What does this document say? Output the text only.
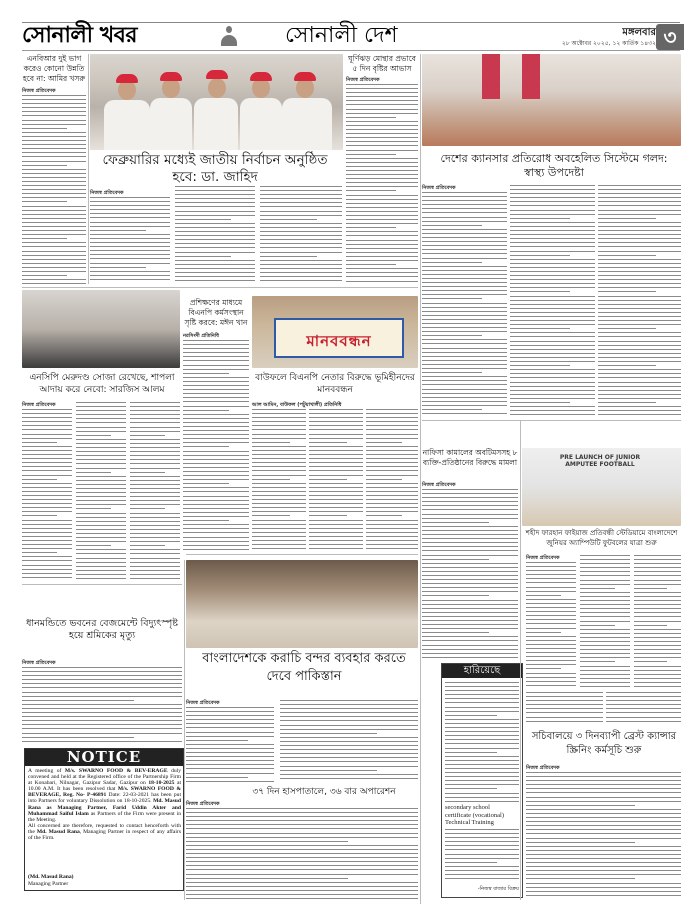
সোনালী খবর	সোনালী দেশ	মঙ্গলবার
২৮ অক্টোবর ২০২৫, ১২ কার্তিক ১৪৩২ ৩
এনবিআর দুই ভাগ করেও কোনো উন্নতি হবে না: আমির খসরু
নিজস্ব প্রতিবেদক
ঘূর্ণিঝড় মোন্থার প্রভাবে ৫ দিন বৃষ্টির আভাস
নিজস্ব প্রতিবেদক
ফেব্রুয়ারির মধ্যেই জাতীয় নির্বাচন অনুষ্ঠিত হবে: ডা. জাহিদ
নিজস্ব প্রতিবেদক
দেশের ক্যানসার প্রতিরোধ অবহেলিত সিস্টেমে গলদ: স্বাস্থ্য উপদেষ্টা
নিজস্ব প্রতিবেদক
প্রশিক্ষণের মাধ্যমে বিএনপি কর্মসংস্থান সৃষ্টি করবে: মঈন খান
নরসিংদী প্রতিনিধি	মানববন্ধন
এনসিপি মেরুদণ্ড সোজা রেখেছে, শাপলা আদায় করে নেবো: সারজিস আলম
নিজস্ব প্রতিবেদক
বাউফলে বিএনপি নেতার বিরুদ্ধে ভূমিহীনদের মানববন্ধন
আল আমিন, বাউফল (পটুয়াখালী) প্রতিনিধি
নাফিসা কামালের অবটিমসসহ ৮ ব্যক্তি-প্রতিষ্ঠানের বিরুদ্ধে মামলা
নিজস্ব প্রতিবেদক
PRE LAUNCH OF JUNIOR AMPUTEE FOOTBALL
শহীদ ফারহান ফাইয়াজ প্রতিবন্ধী স্টেডিয়ামে বাংলাদেশে জুনিয়র অ্যাম্পিউটি ফুটবলের যাত্রা শুরু
নিজস্ব প্রতিবেদক
ধানমন্ডিতে ভবনের বেজমেন্টে বিদ্যুৎস্পৃষ্ট হয়ে শ্রমিকের মৃত্যু
নিজস্ব প্রতিবেদক
NOTICE
A meeting of M/s. SWARNO FOOD & BEV-ERAGE duly convened and held at the Registered office of the Partnership Firm at Konabari, Nilnagar, Gazipur Sadar, Gazipur on 18-10-2025 at 10.00 A.M. It has been resolved that M/s. SWARNO FOOD & BEVERAGE, Reg. No- P-46891 Date: 22-03-2021 has been put into Partners for voluntary Dissolution on 18-10-2025. Md. Masud Rana as Managing Partner, Farid Uddin Akter and Muhammad Saiful Islam as Partners of the Firm were present in the Meeting.
All concerned are therefore, requested to contact henceforth with the Md. Masud Rana, Managing Partner in respect of any affairs of the Firm.
(Md. Masud Rana)
Managing Partner
বাংলাদেশকে করাচি বন্দর ব্যবহার করতে দেবে পাকিস্তান
নিজস্ব প্রতিবেদক
৩৭ দিন হাসপাতালে, ৩৬ বার অপারেশন
নিজস্ব প্রতিবেদক
হারিয়েছে
secondary school
certificate (vocational)
Technical Training
-নিজস্ব বাজার বিক্রয়
সচিবালয়ে ৩ দিনব্যাপী ব্রেস্ট ক্যান্সার স্ক্রিনিং কর্মসূচি শুরু
নিজস্ব প্রতিবেদক
